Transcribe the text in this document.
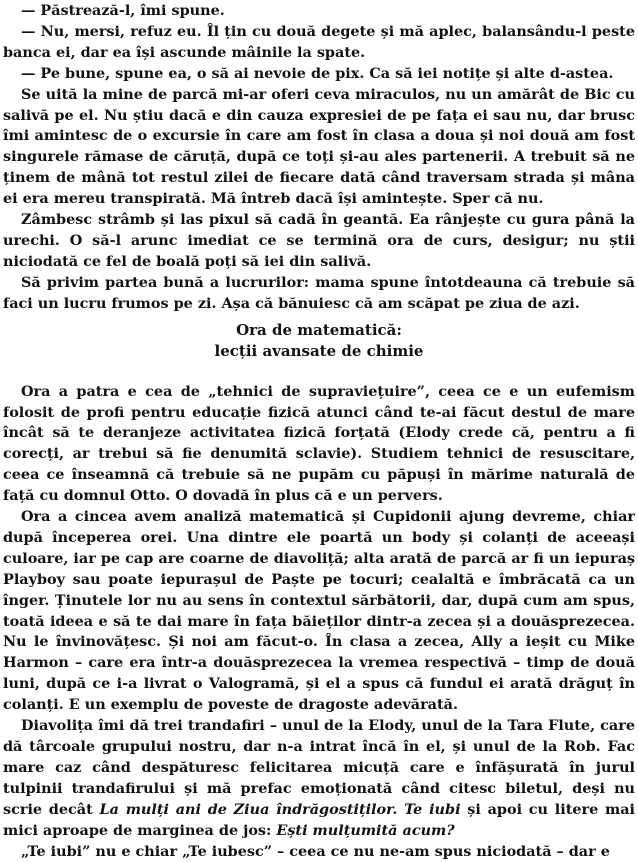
— Păstrează-l, îmi spune.

— Nu, mersi, refuz eu. Îl țin cu două degete și mă aplec, balansându-l peste banca ei, dar ea își ascunde mâinile la spate.

— Pe bune, spune ea, o să ai nevoie de pix. Ca să iei notițe și alte d-astea.

Se uită la mine de parcă mi-ar oferi ceva miraculos, nu un amărât de Bic cu salivă pe el. Nu știu dacă e din cauza expresiei de pe fața ei sau nu, dar brusc îmi amintesc de o excursie în care am fost în clasa a doua și noi două am fost singurele rămase de căruță, după ce toți și-au ales partenerii. A trebuit să ne ținem de mână tot restul zilei de fiecare dată când traversam strada și mâna ei era mereu transpirată. Mă întreb dacă își amintește. Sper că nu.

Zâmbesc strâmb și las pixul să cadă în geantă. Ea rânjește cu gura până la urechi. O să-l arunc imediat ce se termină ora de curs, desigur; nu știi niciodată ce fel de boală poți să iei din salivă.

Să privim partea bună a lucrurilor: mama spune întotdeauna că trebuie să faci un lucru frumos pe zi. Așa că bănuiesc că am scăpat pe ziua de azi.

Ora de matematică:
lecții avansate de chimie

Ora a patra e cea de „tehnici de supraviețuire”, ceea ce e un eufemism folosit de profi pentru educație fizică atunci când te-ai făcut destul de mare încât să te deranjeze activitatea fizică forțată (Elody crede că, pentru a fi corecți, ar trebui să fie denumită sclavie). Studiem tehnici de resuscitare, ceea ce înseamnă că trebuie să ne pupăm cu păpuși în mărime naturală de față cu domnul Otto. O dovadă în plus că e un pervers.

Ora a cincea avem analiză matematică și Cupidonii ajung devreme, chiar după începerea orei. Una dintre ele poartă un body și colanți de aceeași culoare, iar pe cap are coarne de diavoliță; alta arată de parcă ar fi un iepuraș Playboy sau poate iepurașul de Paște pe tocuri; cealaltă e îmbrăcată ca un înger. Ținutele lor nu au sens în contextul sărbătorii, dar, după cum am spus, toată ideea e să te dai mare în fața băieților dintr-a zecea și a douăsprezecea. Nu le învinovățesc. Și noi am făcut-o. În clasa a zecea, Ally a ieșit cu Mike Harmon – care era într-a douăsprezecea la vremea respectivă – timp de două luni, după ce i-a livrat o Valogramă, și el a spus că fundul ei arată drăguț în colanți. E un exemplu de poveste de dragoste adevărată.

Diavolița îmi dă trei trandafiri – unul de la Elody, unul de la Tara Flute, care dă târcoale grupului nostru, dar n-a intrat încă în el, și unul de la Rob. Fac mare caz când despăturesc felicitarea micuță care e înfășurată în jurul tulpinii trandafirului și mă prefac emoționată când citesc biletul, deși nu scrie decât La mulți ani de Ziua îndrăgostiților. Te iubi și apoi cu litere mai mici aproape de marginea de jos: Ești mulțumită acum?

„Te iubi” nu e chiar „Te iubesc” – ceea ce nu ne-am spus niciodată – dar e
